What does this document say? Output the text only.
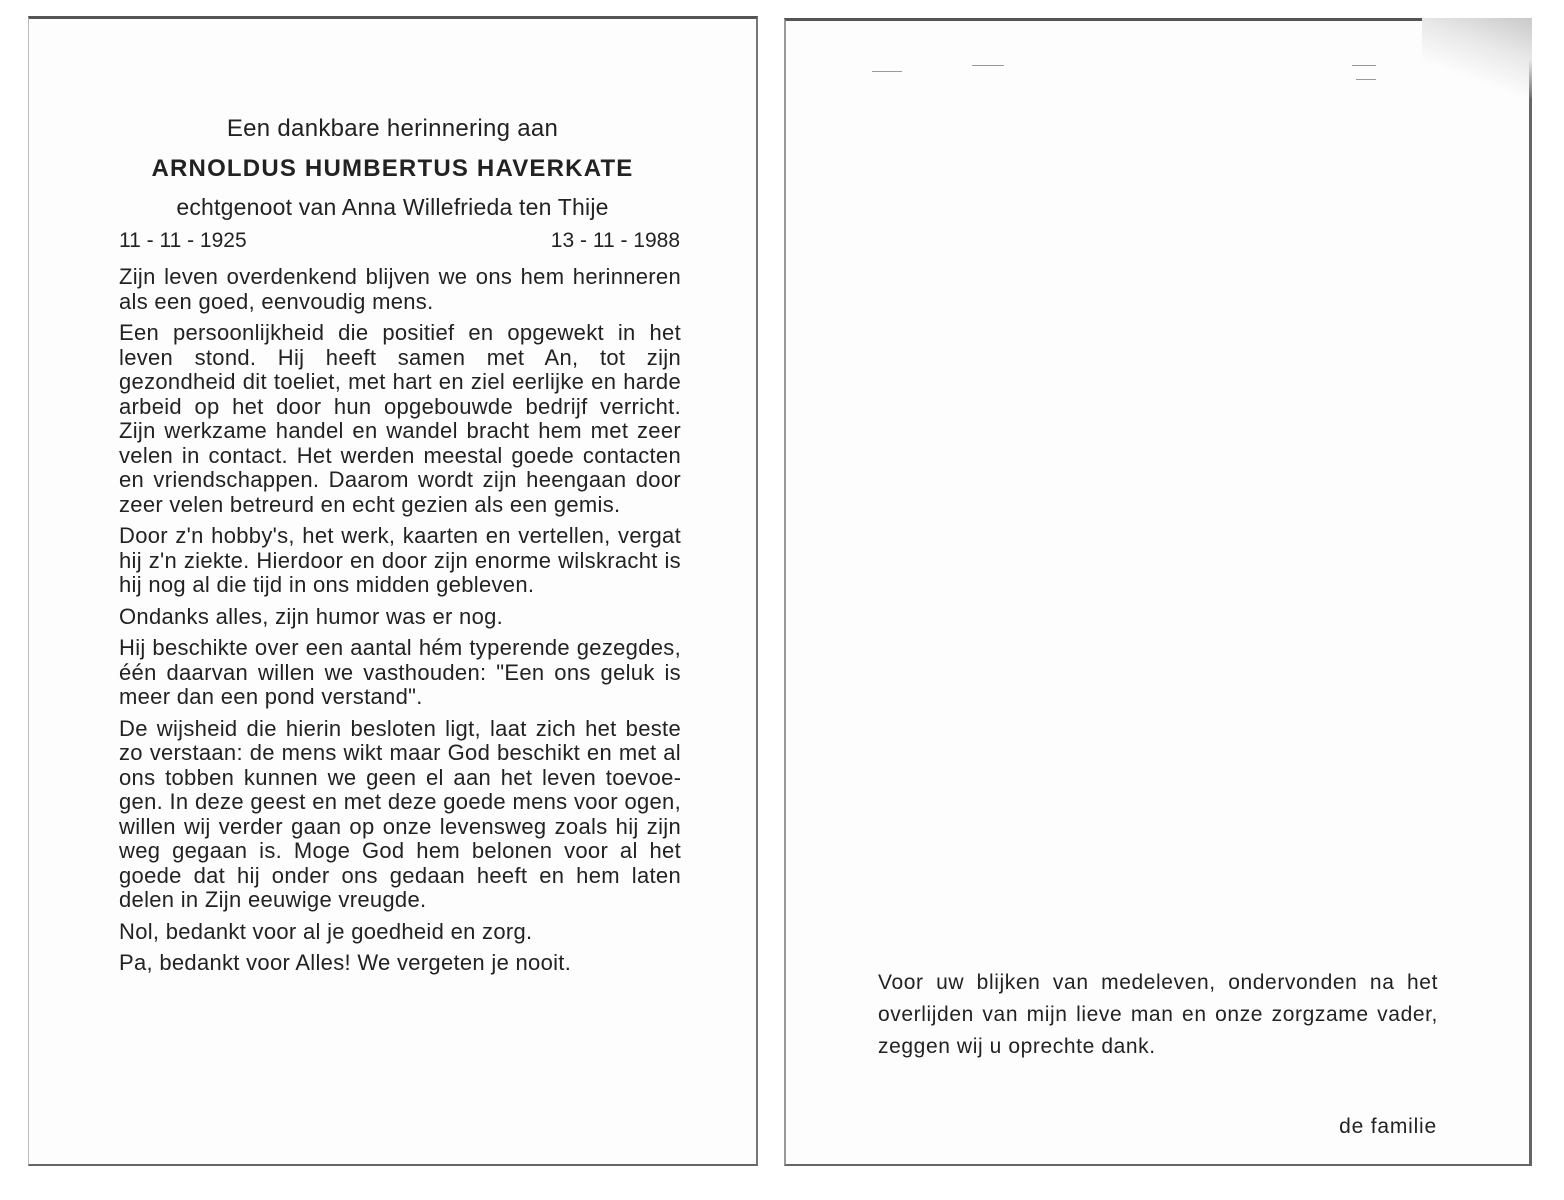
Een dankbare herinnering aan
ARNOLDUS HUMBERTUS HAVERKATE
echtgenoot van Anna Willefrieda ten Thije
11 - 11 - 1925	13 - 11 - 1988

Zijn leven overdenkend blijven we ons hem herinneren als een goed, eenvoudig mens.

Een persoonlijkheid die positief en opgewekt in het leven stond. Hij heeft samen met An, tot zijn gezondheid dit toeliet, met hart en ziel eerlijke en harde arbeid op het door hun opgebouwde bedrijf verricht. Zijn werkzame handel en wandel bracht hem met zeer velen in contact. Het werden meestal goede contacten en vriendschappen. Daarom wordt zijn heengaan door zeer velen betreurd en echt gezien als een gemis.

Door z'n hobby's, het werk, kaarten en vertellen, vergat hij z'n ziekte. Hierdoor en door zijn enorme wilskracht is hij nog al die tijd in ons midden gebleven.

Ondanks alles, zijn humor was er nog.

Hij beschikte over een aantal hém typerende gezegdes, één daarvan willen we vasthouden: "Een ons geluk is meer dan een pond verstand".

De wijsheid die hierin besloten ligt, laat zich het beste zo verstaan: de mens wikt maar God beschikt en met al ons tobben kunnen we geen el aan het leven toevoegen. In deze geest en met deze goede mens voor ogen, willen wij verder gaan op onze levensweg zoals hij zijn weg gegaan is. Moge God hem belonen voor al het goede dat hij onder ons gedaan heeft en hem laten delen in Zijn eeuwige vreugde.

Nol, bedankt voor al je goedheid en zorg.

Pa, bedankt voor Alles! We vergeten je nooit.

Voor uw blijken van medeleven, ondervonden na het overlijden van mijn lieve man en onze zorgzame vader, zeggen wij u oprechte dank.
de familie
